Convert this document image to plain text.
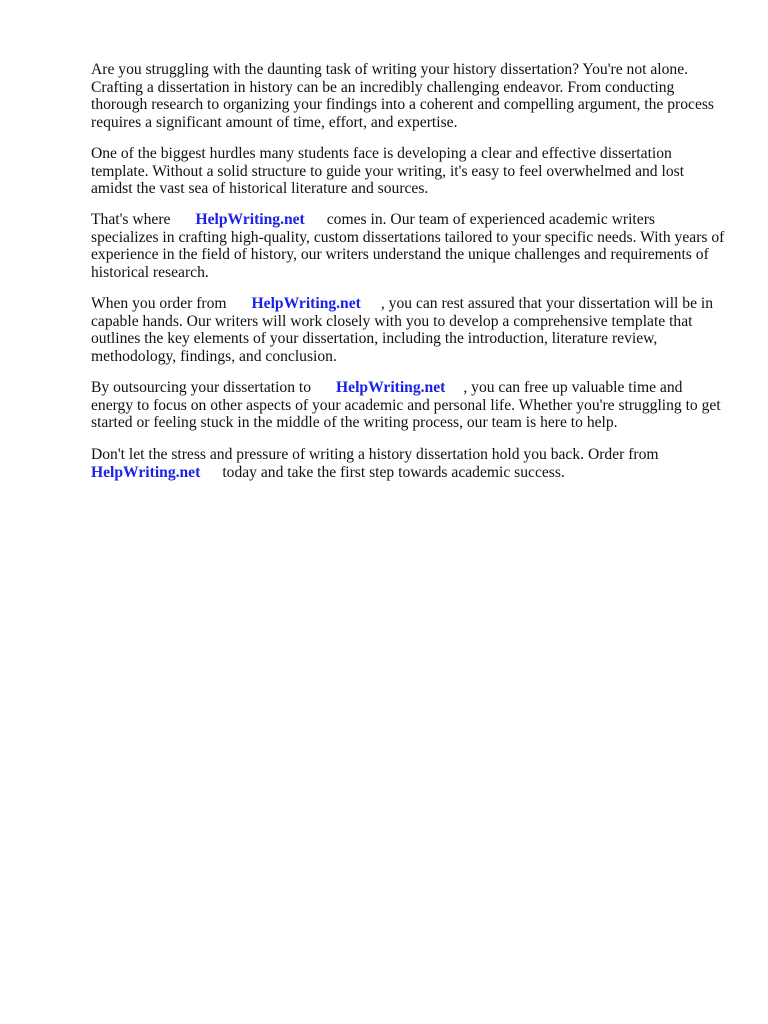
Are you struggling with the daunting task of writing your history dissertation? You're not alone.
Crafting a dissertation in history can be an incredibly challenging endeavor. From conducting
thorough research to organizing your findings into a coherent and compelling argument, the process
requires a significant amount of time, effort, and expertise.

One of the biggest hurdles many students face is developing a clear and effective dissertation
template. Without a solid structure to guide your writing, it's easy to feel overwhelmed and lost
amidst the vast sea of historical literature and sources.

That's where HelpWriting.net comes in. Our team of experienced academic writers
specializes in crafting high-quality, custom dissertations tailored to your specific needs. With years of
experience in the field of history, our writers understand the unique challenges and requirements of
historical research.

When you order from HelpWriting.net , you can rest assured that your dissertation will be in
capable hands. Our writers will work closely with you to develop a comprehensive template that
outlines the key elements of your dissertation, including the introduction, literature review,
methodology, findings, and conclusion.

By outsourcing your dissertation to HelpWriting.net , you can free up valuable time and
energy to focus on other aspects of your academic and personal life. Whether you're struggling to get
started or feeling stuck in the middle of the writing process, our team is here to help.

Don't let the stress and pressure of writing a history dissertation hold you back. Order from
HelpWriting.net today and take the first step towards academic success.
